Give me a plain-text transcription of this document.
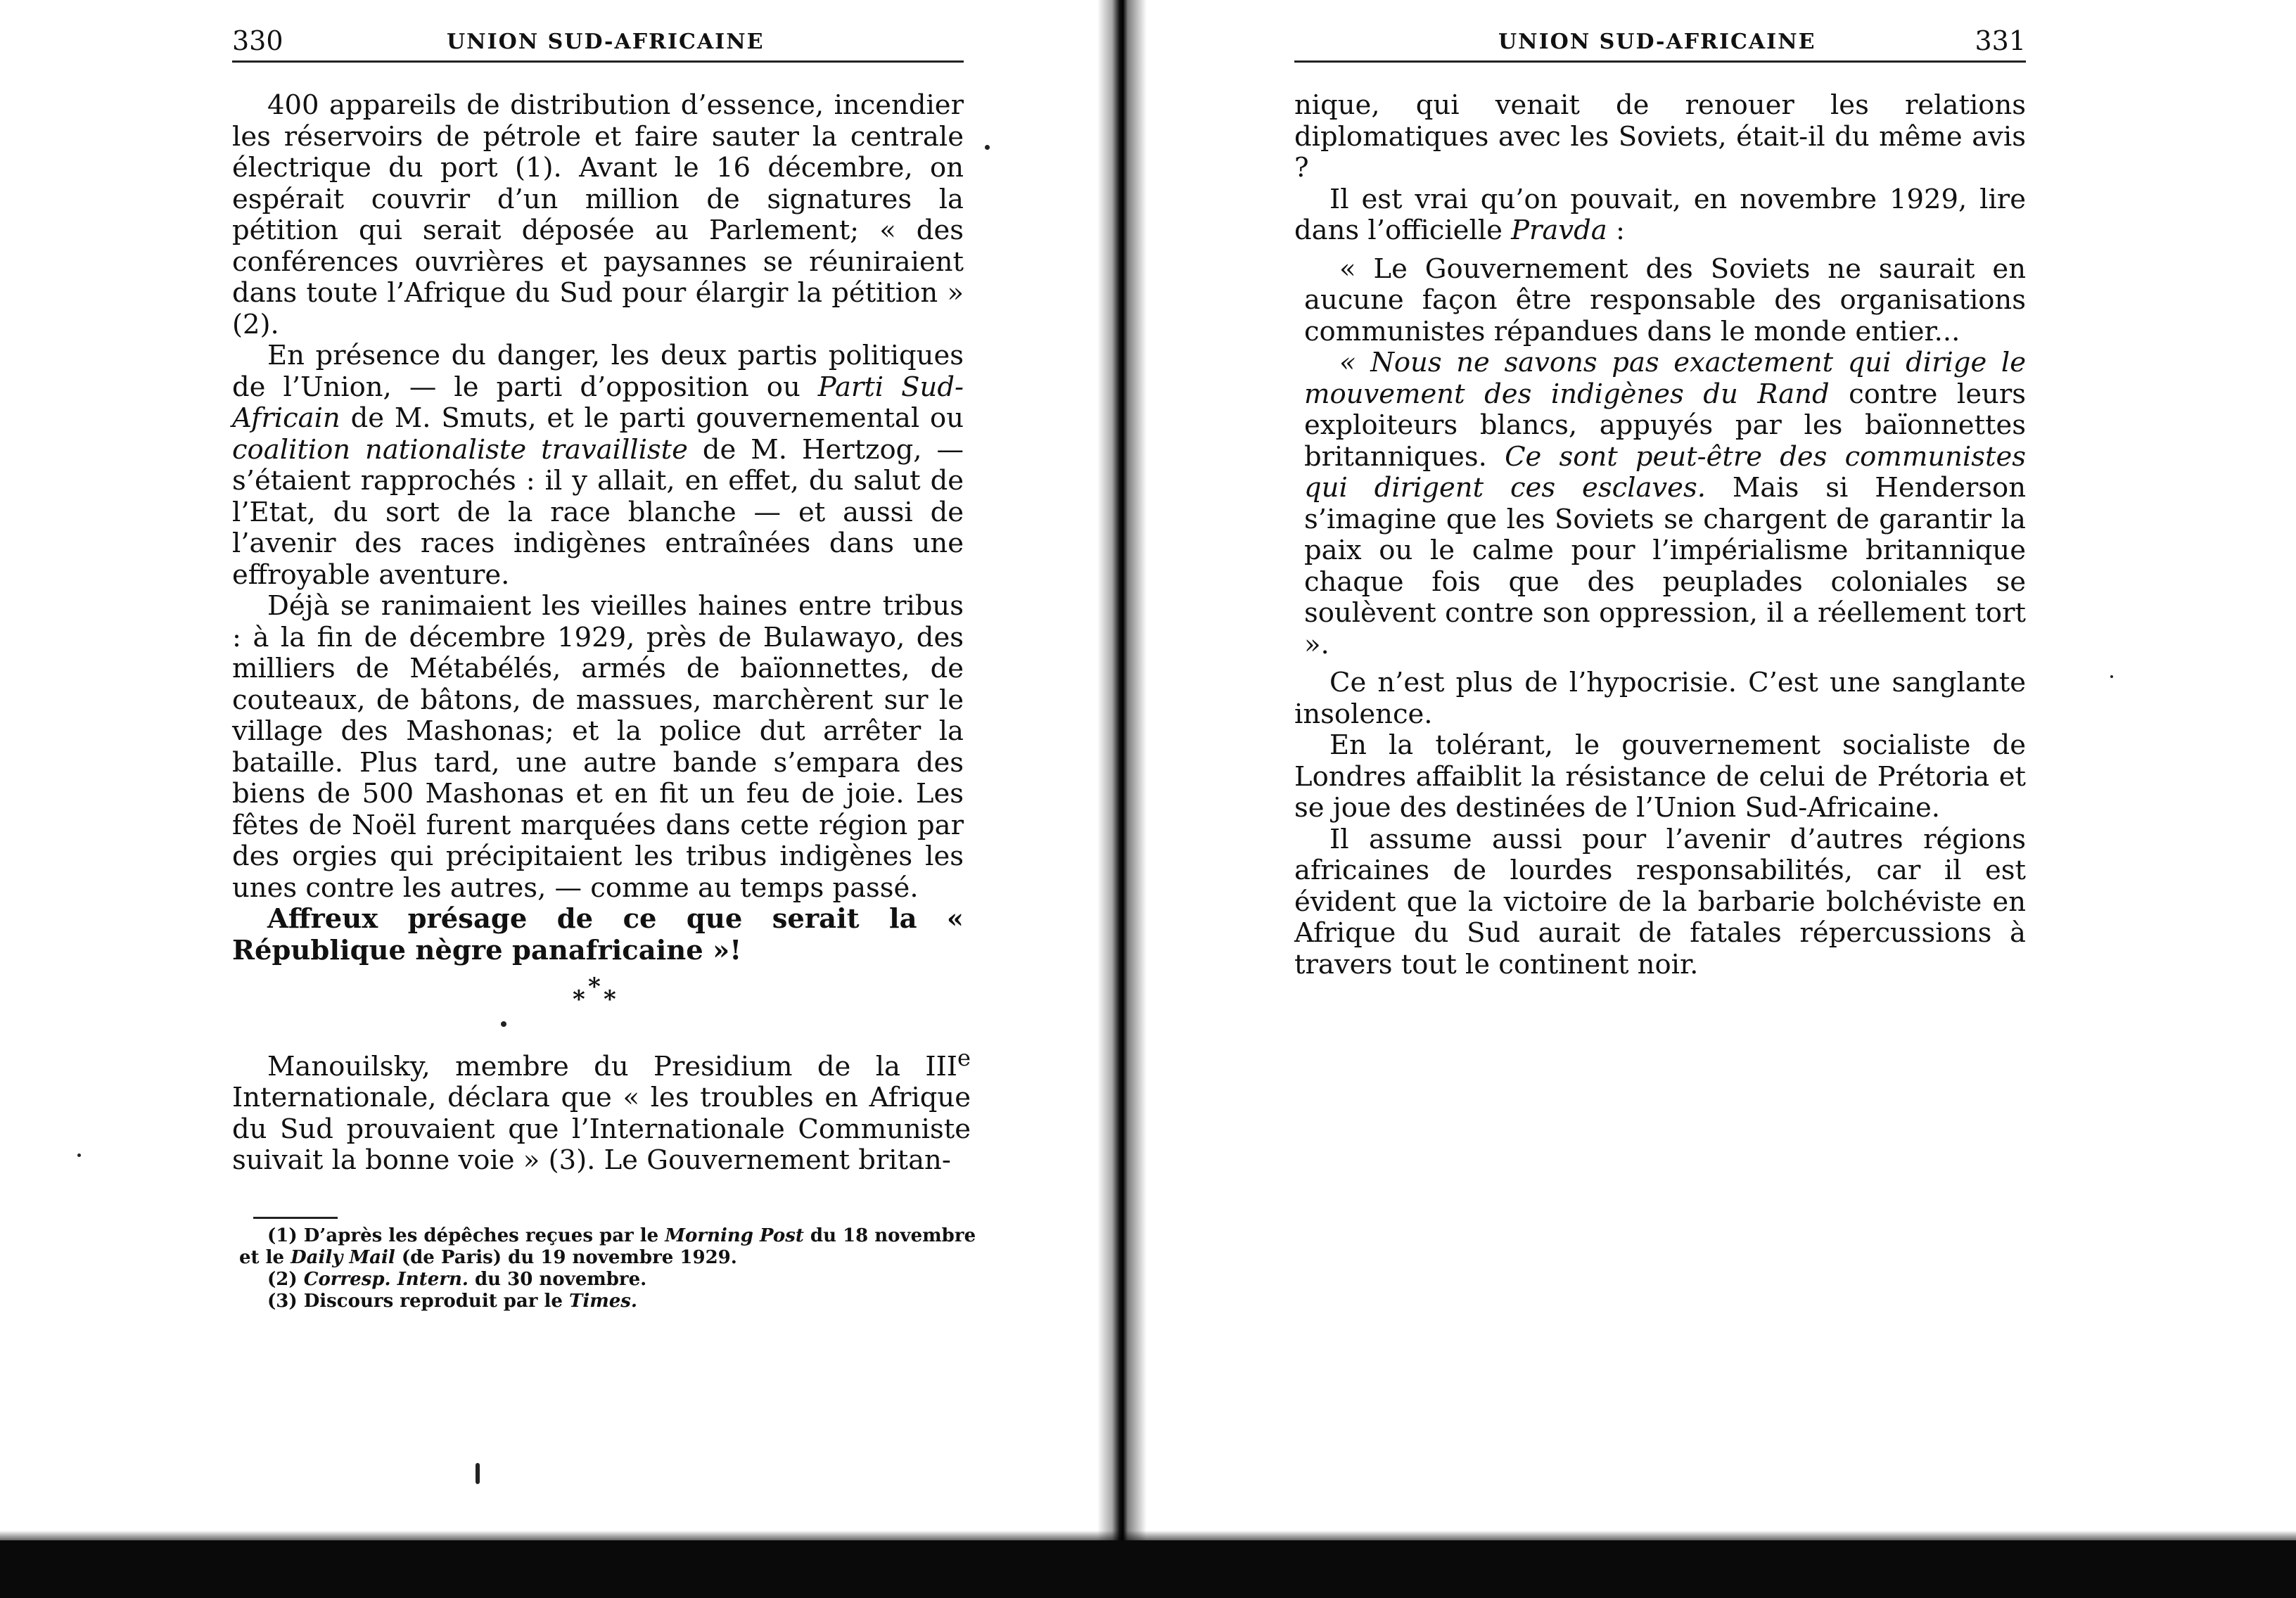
330	UNION SUD-AFRICAINE

400 appareils de distribution d’essence, incendier les réservoirs de pétrole et faire sauter la centrale électrique du port (1). Avant le 16 décembre, on espérait couvrir d’un million de signatures la pétition qui serait déposée au Parlement; « des conférences ouvrières et paysannes se réuniraient dans toute l’Afrique du Sud pour élargir la pétition » (2).

En présence du danger, les deux partis politiques de l’Union, — le parti d’opposition ou Parti Sud-Africain de M. Smuts, et le parti gouvernemental ou coalition nationaliste travailliste de M. Hertzog, — s’étaient rapprochés : il y allait, en effet, du salut de l’Etat, du sort de la race blanche — et aussi de l’avenir des races indigènes entraînées dans une effroyable aventure.

Déjà se ranimaient les vieilles haines entre tribus : à la fin de décembre 1929, près de Bulawayo, des milliers de Métabélés, armés de baïonnettes, de couteaux, de bâtons, de massues, marchèrent sur le village des Mashonas; et la police dut arrêter la bataille. Plus tard, une autre bande s’empara des biens de 500 Mashonas et en fit un feu de joie. Les fêtes de Noël furent marquées dans cette région par des orgies qui précipitaient les tribus indigènes les unes contre les autres, — comme au temps passé.

Affreux présage de ce que serait la « République nègre panafricaine »!

*
* *

Manouilsky, membre du Presidium de la IIIe Internationale, déclara que « les troubles en Afrique du Sud prouvaient que l’Internationale Communiste suivait la bonne voie » (3). Le Gouvernement britan-

(1) D’après les dépêches reçues par le Morning Post du 18 novembre et le Daily Mail (de Paris) du 19 novembre 1929.

(2) Corresp. Intern. du 30 novembre.

(3) Discours reproduit par le Times.

UNION SUD-AFRICAINE	331

nique, qui venait de renouer les relations diplomatiques avec les Soviets, était-il du même avis ?

Il est vrai qu’on pouvait, en novembre 1929, lire dans l’officielle Pravda :

« Le Gouvernement des Soviets ne saurait en aucune façon être responsable des organisations communistes répandues dans le monde entier...

« Nous ne savons pas exactement qui dirige le mouvement des indigènes du Rand contre leurs exploiteurs blancs, appuyés par les baïonnettes britanniques. Ce sont peut-être des communistes qui dirigent ces esclaves. Mais si Henderson s’imagine que les Soviets se chargent de garantir la paix ou le calme pour l’impérialisme britannique chaque fois que des peuplades coloniales se soulèvent contre son oppression, il a réellement tort ».

Ce n’est plus de l’hypocrisie. C’est une sanglante insolence.

En la tolérant, le gouvernement socialiste de Londres affaiblit la résistance de celui de Prétoria et se joue des destinées de l’Union Sud-Africaine.

Il assume aussi pour l’avenir d’autres régions africaines de lourdes responsabilités, car il est évident que la victoire de la barbarie bolchéviste en Afrique du Sud aurait de fatales répercussions à travers tout le continent noir.
